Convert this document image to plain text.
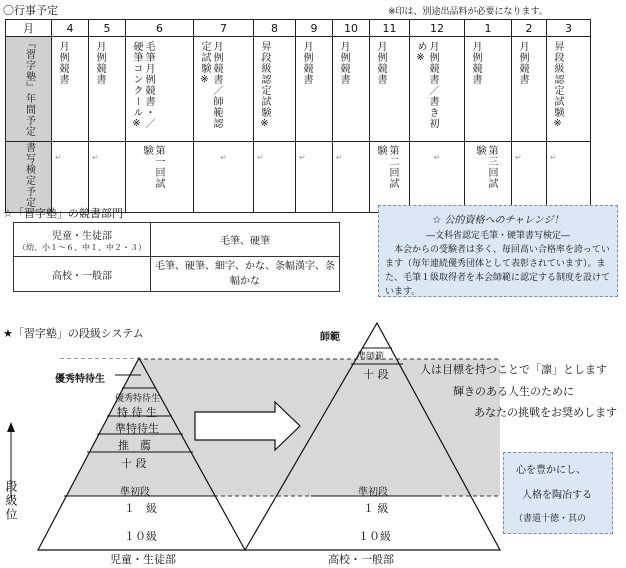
〇行事予定	※印は、別途出品料が必要になります。
月	4	5	6	7	8	9	10	11	12	1	2	3
『習字塾』年間予定	月例競書	月例競書	毛筆月例競書・／硬筆コンクール※	月例競書／師範認定試験※	昇段級認定試験※	月例競書	月例競書	月例競書	月例競書／書き初め※	月例競書	月例競書	昇段級認定試験※
書写検定予定	↵	↵	第一回試験	↵	↵	↵	↵	第二回試験	↵	第三回試験	↵	↵
☆「習字塾」の競書部門
児童・生徒部
（幼、小１～６、中１、中２・３）	毛筆、硬筆
高校・一般部	毛筆、硬筆、細字、かな、条幅漢字、条幅かな
☆ 公的資格へのチャレンジ！
―文科省認定毛筆・硬筆書写検定―
本会からの受験者は多く、毎回高い合格率を誇っています（毎年連続優秀団体として表彰されています）。また、毛筆１級取得者を本会師範に認定する制度を設けています。
★「習字塾」の段級システム
段級位
優秀特待生
優秀特待生
特 待 生
準特待生
推　薦
十 段
準初段
１　級
１０級
師範
準師範
十 段
準初段
１ 級
１０級
児童・生徒部	高校・一般部
人は目標を持つことで「凛」とします
輝きのある人生のために
あなたの挑戦をお奨めします
心を豊かにし、
人格を陶冶する
（書道十徳・其の
